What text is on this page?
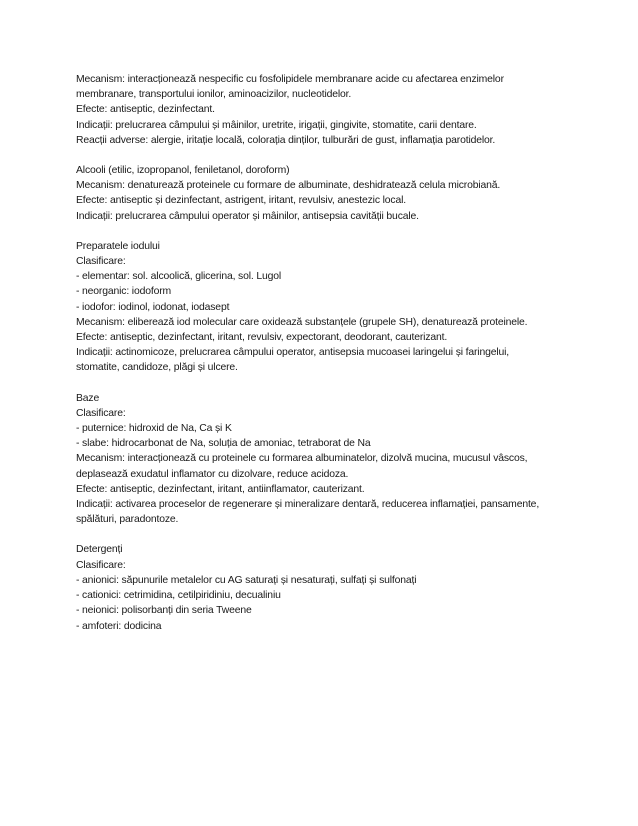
Mecanism: interacționează nespecific cu fosfolipidele membranare acide cu afectarea enzimelor
membranare, transportului ionilor, aminoacizilor, nucleotidelor.
Efecte: antiseptic, dezinfectant.
Indicații: prelucrarea câmpului și mâinilor, uretrite, irigații, gingivite, stomatite, carii dentare.
Reacții adverse: alergie, iritație locală, colorația dinților, tulburări de gust, inflamația parotidelor.
Alcooli (etilic, izopropanol, feniletanol, doroform)
Mecanism: denaturează proteinele cu formare de albuminate, deshidratează celula microbiană.
Efecte: antiseptic și dezinfectant, astrigent, iritant, revulsiv, anestezic local.
Indicații: prelucrarea câmpului operator și mâinilor, antisepsia cavității bucale.
Preparatele iodului
Clasificare:
- elementar: sol. alcoolică, glicerina, sol. Lugol
- neorganic: iodoform
- iodofor: iodinol, iodonat, iodasept
Mecanism: eliberează iod molecular care oxidează substanțele (grupele SH), denaturează proteinele.
Efecte: antiseptic, dezinfectant, iritant, revulsiv, expectorant, deodorant, cauterizant.
Indicații: actinomicoze, prelucrarea câmpului operator, antisepsia mucoasei laringelui și faringelui,
stomatite, candidoze, plăgi și ulcere.
Baze
Clasificare:
- puternice: hidroxid de Na, Ca și K
- slabe: hidrocarbonat de Na, soluția de amoniac, tetraborat de Na
Mecanism: interacționează cu proteinele cu formarea albuminatelor, dizolvă mucina, mucusul vâscos,
deplasează exudatul inflamator cu dizolvare, reduce acidoza.
Efecte: antiseptic, dezinfectant, iritant, antiinflamator, cauterizant.
Indicații: activarea proceselor de regenerare și mineralizare dentară, reducerea inflamației, pansamente,
spălături, paradontoze.
Detergenți
Clasificare:
- anionici: săpunurile metalelor cu AG saturați și nesaturați, sulfați și sulfonați
- cationici: cetrimidina, cetilpiridiniu, decualiniu
- neionici: polisorbanți din seria Tweene
- amfoteri: dodicina
